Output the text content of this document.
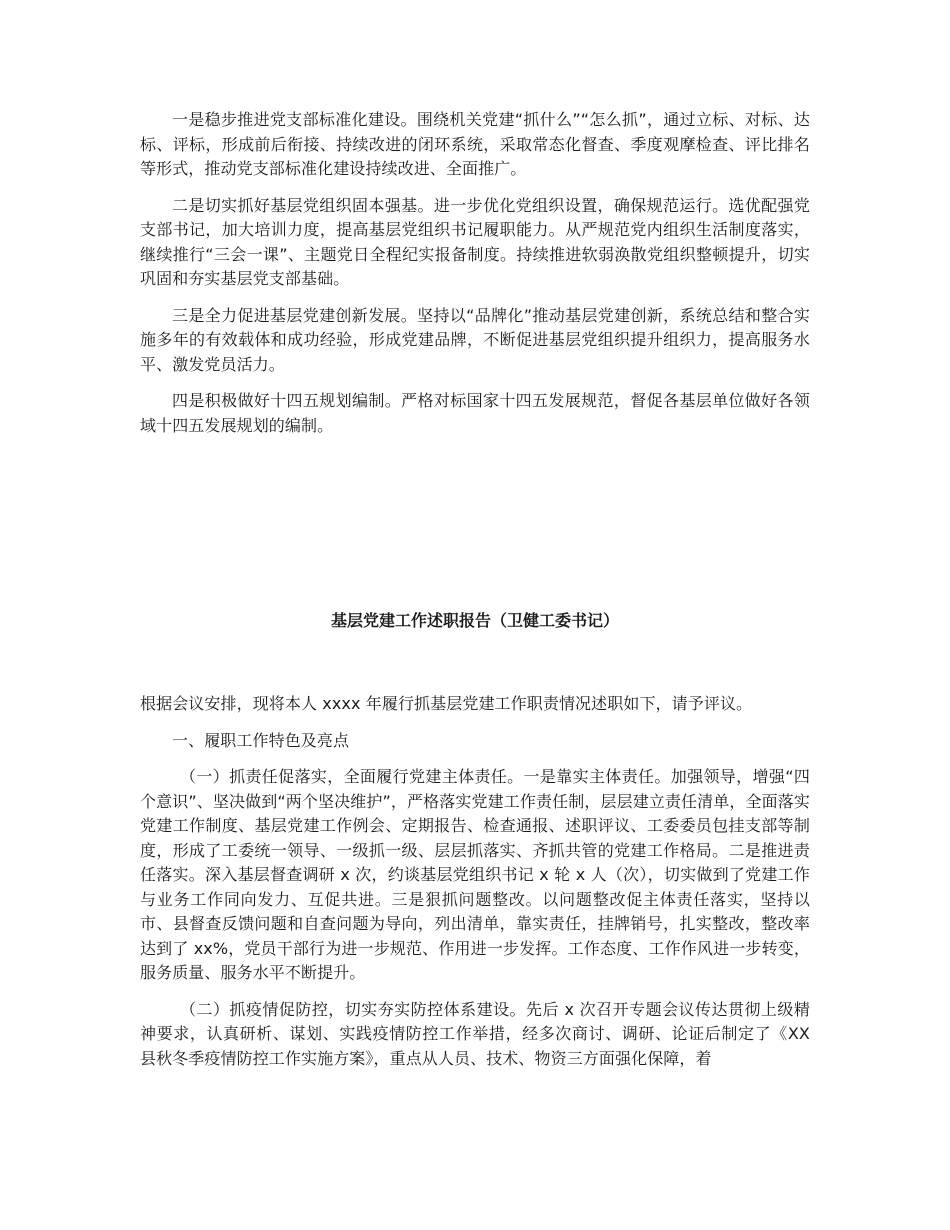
一是稳步推进党支部标准化建设。围绕机关党建“抓什么”“怎么抓”，通过立标、对标、达标、评标，形成前后衔接、持续改进的闭环系统，采取常态化督查、季度观摩检查、评比排名等形式，推动党支部标准化建设持续改进、全面推广。

二是切实抓好基层党组织固本强基。进一步优化党组织设置，确保规范运行。选优配强党支部书记，加大培训力度，提高基层党组织书记履职能力。从严规范党内组织生活制度落实，继续推行“三会一课”、主题党日全程纪实报备制度。持续推进软弱涣散党组织整顿提升，切实巩固和夯实基层党支部基础。

三是全力促进基层党建创新发展。坚持以“品牌化”推动基层党建创新，系统总结和整合实施多年的有效载体和成功经验，形成党建品牌，不断促进基层党组织提升组织力，提高服务水平、激发党员活力。

四是积极做好十四五规划编制。严格对标国家十四五发展规范，督促各基层单位做好各领域十四五发展规划的编制。

基层党建工作述职报告（卫健工委书记）

根据会议安排，现将本人 xxxx 年履行抓基层党建工作职责情况述职如下，请予评议。

一、履职工作特色及亮点

（一）抓责任促落实，全面履行党建主体责任。一是靠实主体责任。加强领导，增强“四个意识”、坚决做到“两个坚决维护”，严格落实党建工作责任制，层层建立责任清单，全面落实党建工作制度、基层党建工作例会、定期报告、检查通报、述职评议、工委委员包挂支部等制度，形成了工委统一领导、一级抓一级、层层抓落实、齐抓共管的党建工作格局。二是推进责任落实。深入基层督查调研 x 次，约谈基层党组织书记 x 轮 x 人（次），切实做到了党建工作与业务工作同向发力、互促共进。三是狠抓问题整改。以问题整改促主体责任落实，坚持以市、县督查反馈问题和自查问题为导向，列出清单，靠实责任，挂牌销号，扎实整改，整改率达到了 xx%，党员干部行为进一步规范、作用进一步发挥。工作态度、工作作风进一步转变，服务质量、服务水平不断提升。

（二）抓疫情促防控，切实夯实防控体系建设。先后 x 次召开专题会议传达贯彻上级精神要求，认真研析、谋划、实践疫情防控工作举措，经多次商讨、调研、论证后制定了《XX 县秋冬季疫情防控工作实施方案》，重点从人员、技术、物资三方面强化保障，着
